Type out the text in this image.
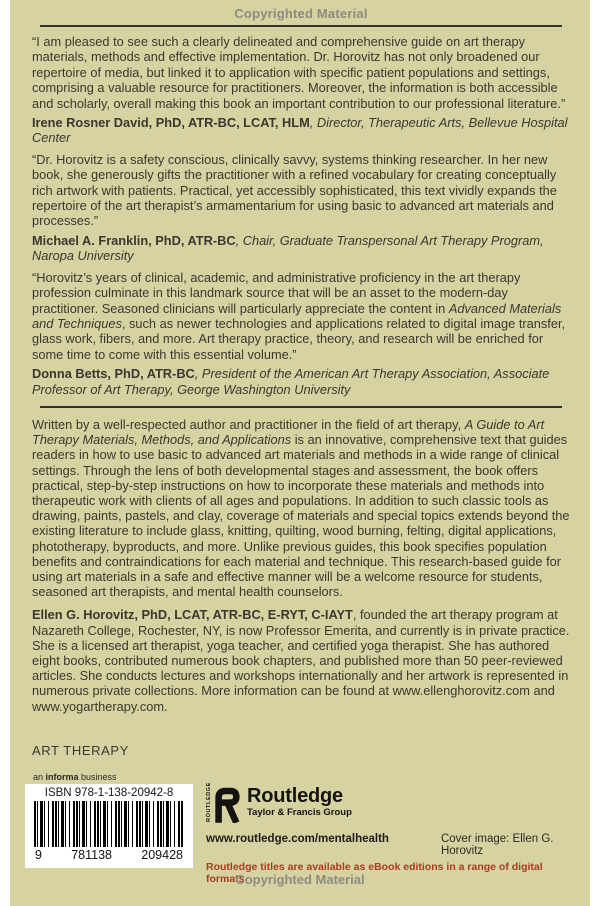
Copyrighted Material

“I am pleased to see such a clearly delineated and comprehensive guide on art therapy materials, methods and effective implementation. Dr. Horovitz has not only broadened our repertoire of media, but linked it to application with specific patient populations and settings, comprising a valuable resource for practitioners. Moreover, the information is both accessible and scholarly, overall making this book an important contribution to our professional literature.”

Irene Rosner David, PhD, ATR-BC, LCAT, HLM, Director, Therapeutic Arts, Bellevue Hospital Center

“Dr. Horovitz is a safety conscious, clinically savvy, systems thinking researcher. In her new book, she generously gifts the practitioner with a refined vocabulary for creating conceptually rich artwork with patients. Practical, yet accessibly sophisticated, this text vividly expands the repertoire of the art therapist’s armamentarium for using basic to advanced art materials and processes.”

Michael A. Franklin, PhD, ATR-BC, Chair, Graduate Transpersonal Art Therapy Program, Naropa University

“Horovitz’s years of clinical, academic, and administrative proficiency in the art therapy profession culminate in this landmark source that will be an asset to the modern-day practitioner. Seasoned clinicians will particularly appreciate the content in Advanced Materials and Techniques, such as newer technologies and applications related to digital image transfer, glass work, fibers, and more. Art therapy practice, theory, and research will be enriched for some time to come with this essential volume.”

Donna Betts, PhD, ATR-BC, President of the American Art Therapy Association, Associate Professor of Art Therapy, George Washington University

Written by a well-respected author and practitioner in the field of art therapy, A Guide to Art Therapy Materials, Methods, and Applications is an innovative, comprehensive text that guides readers in how to use basic to advanced art materials and methods in a wide range of clinical settings. Through the lens of both developmental stages and assessment, the book offers practical, step-by-step instructions on how to incorporate these materials and methods into therapeutic work with clients of all ages and populations. In addition to such classic tools as drawing, paints, pastels, and clay, coverage of materials and special topics extends beyond the existing literature to include glass, knitting, quilting, wood burning, felting, digital applications, phototherapy, byproducts, and more. Unlike previous guides, this book specifies population benefits and contraindications for each material and technique. This research-based guide for using art materials in a safe and effective manner will be a welcome resource for students, seasoned art therapists, and mental health counselors.

Ellen G. Horovitz, PhD, LCAT, ATR-BC, E-RYT, C-IAYT, founded the art therapy program at Nazareth College, Rochester, NY, is now Professor Emerita, and currently is in private practice. She is a licensed art therapist, yoga teacher, and certified yoga therapist. She has authored eight books, contributed numerous book chapters, and published more than 50 peer-reviewed articles. She conducts lectures and workshops internationally and her artwork is represented in numerous private collections. More information can be found at www.ellenghorovitz.com and www.yogartherapy.com.

ART THERAPY
an informa business
ISBN 978-1-138-20942-8
9 781138 209428
ROUTLEDGE Routledge
Taylor & Francis Group
www.routledge.com/mentalhealth	Cover image: Ellen G. Horovitz
Routledge titles are available as eBook editions in a range of digital formats
Copyrighted Material
